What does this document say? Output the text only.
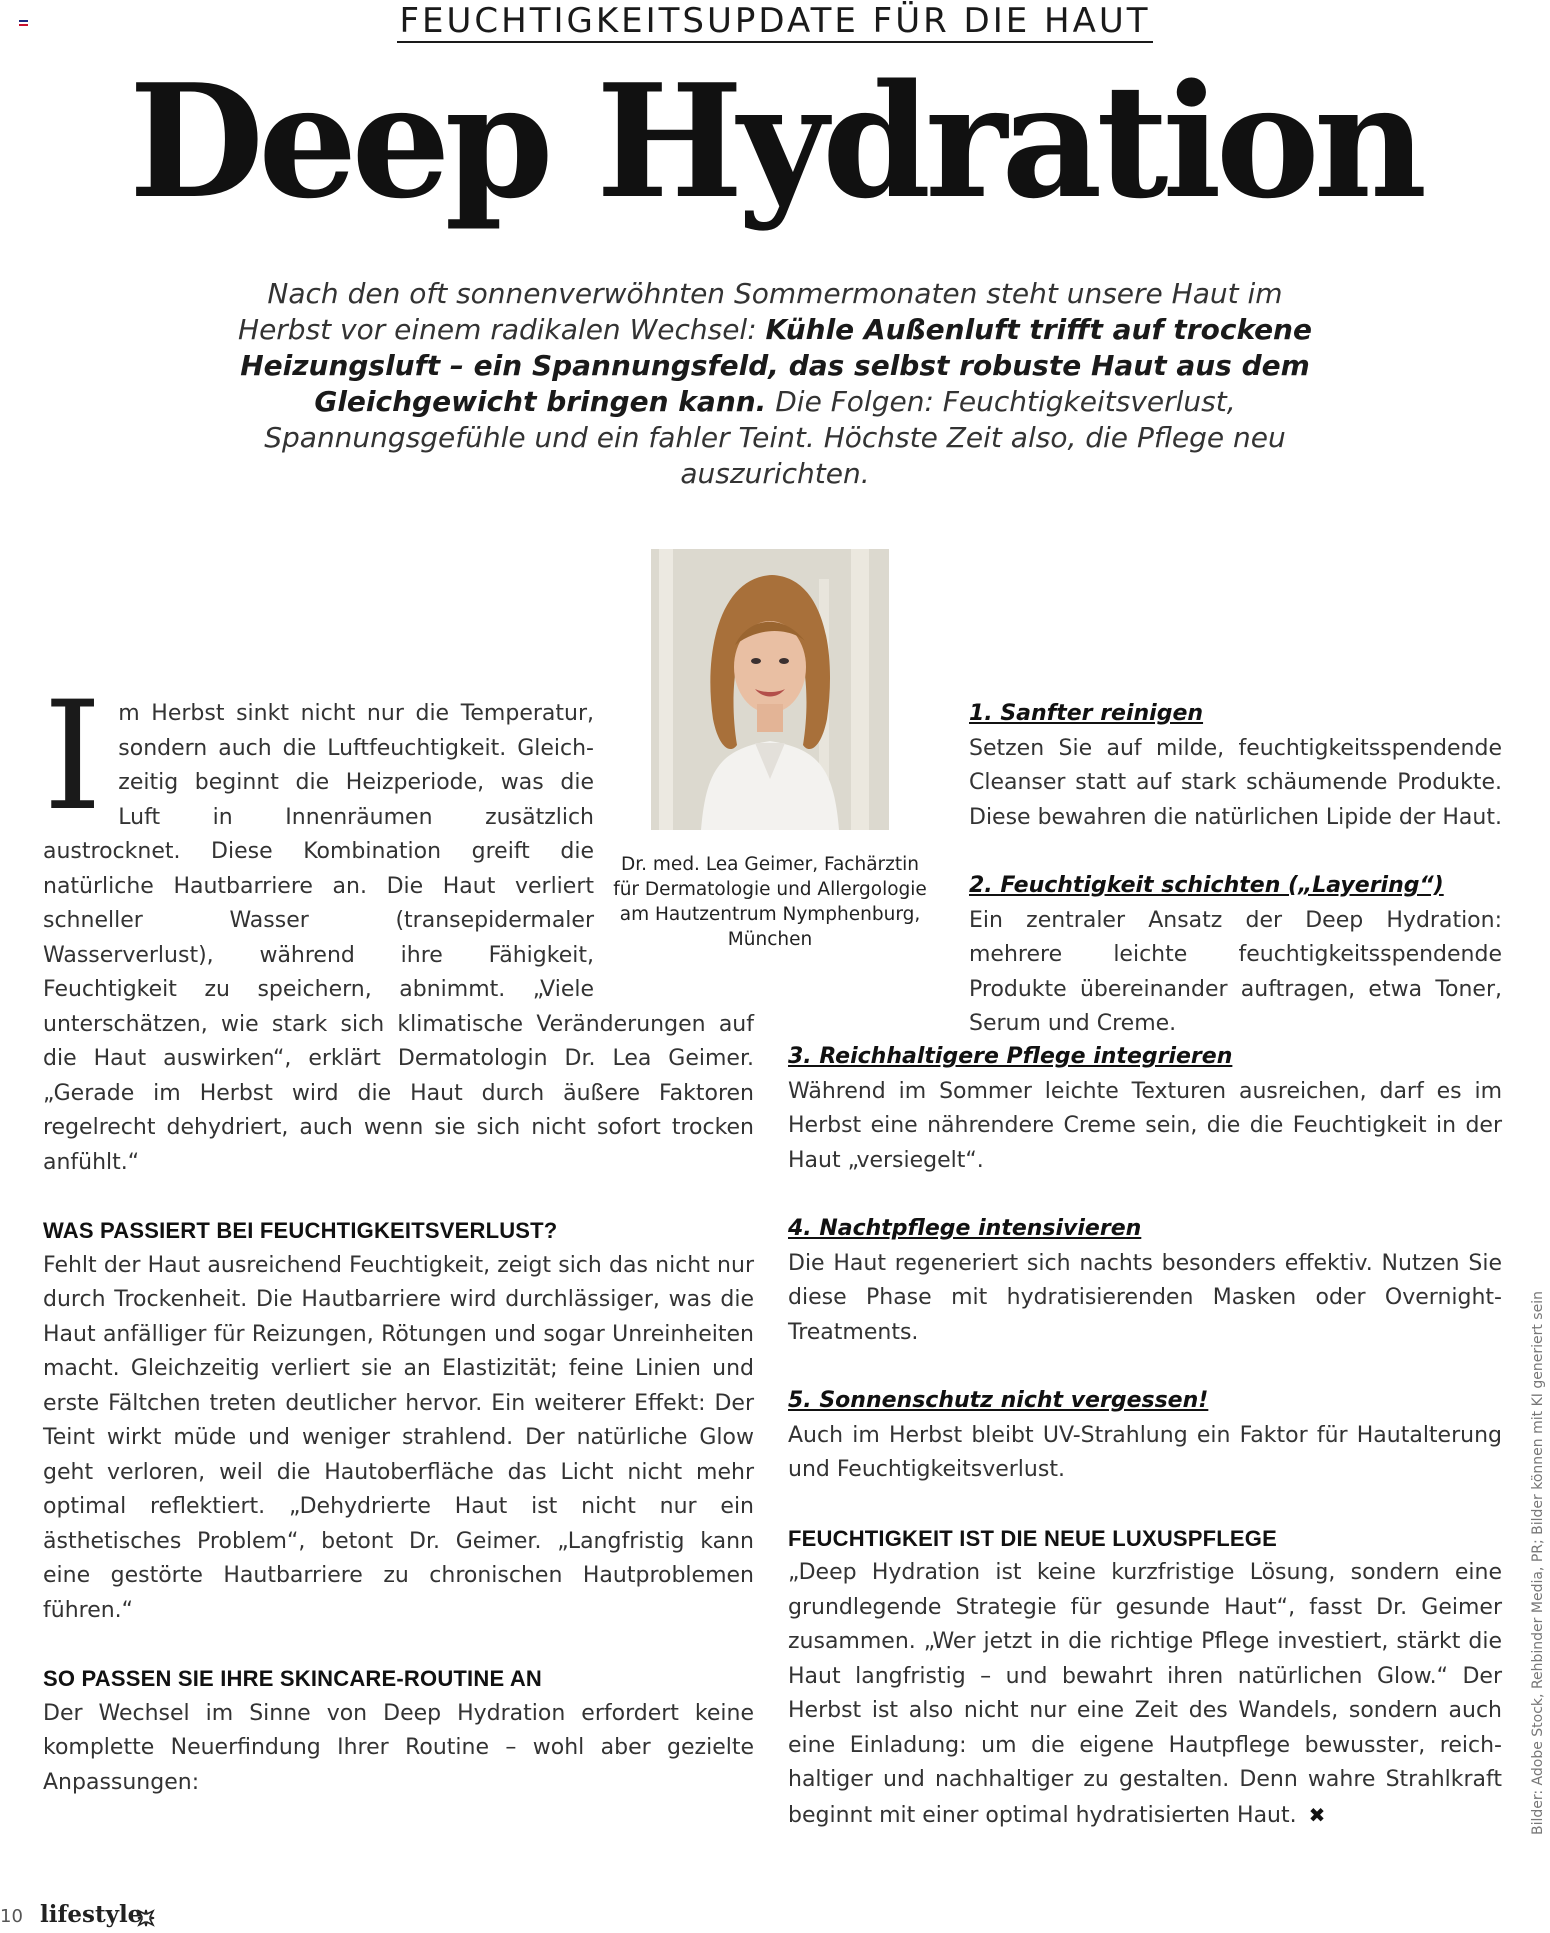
FEUCHTIGKEITSUPDATE FÜR DIE HAUT
Deep Hydration

Nach den oft sonnenverwöhnten Sommermonaten steht unsere Haut im Herbst vor einem radikalen Wechsel: Kühle Außenluft trifft auf trockene Heizungsluft – ein Spannungsfeld, das selbst robuste Haut aus dem Gleichgewicht bringen kann. Die Folgen: Feuchtigkeitsverlust, Spannungsgefühle und ein fahler Teint. Höchste Zeit also, die Pflege neu auszurichten.

Dr. med. Lea Geimer, Fachärztin für Dermatologie und Allergologie am Hautzentrum Nymphenburg, München

Im Herbst sinkt nicht nur die Temperatur, sondern auch die Luftfeuchtigkeit. Gleichzeitig beginnt die Heizperiode, was die Luft in Innenräumen zusätzlich austrocknet. Diese Kombination greift die natürliche Hautbarriere an. Die Haut verliert schneller Wasser (transepidermaler Wasserverlust), während ihre Fähigkeit, Feuchtigkeit zu speichern, abnimmt. „Viele unterschätzen, wie stark sich klimatische Veränderungen auf die Haut auswirken“, erklärt Dermatologin Dr. Lea Geimer. „Gerade im Herbst wird die Haut durch äußere Faktoren regelrecht dehydriert, auch wenn sie sich nicht sofort trocken anfühlt.“

WAS PASSIERT BEI FEUCHTIGKEITSVERLUST?

Fehlt der Haut ausreichend Feuchtigkeit, zeigt sich das nicht nur durch Trockenheit. Die Hautbarriere wird durchlässiger, was die Haut anfälliger für Reizungen, Rötungen und sogar Unreinheiten macht. Gleichzeitig verliert sie an Elastizität; feine Linien und erste Fältchen treten deutlicher hervor. Ein weiterer Effekt: Der Teint wirkt müde und weniger strahlend. Der natürliche Glow geht verloren, weil die Hautoberfläche das Licht nicht mehr optimal reflektiert. „Dehydrierte Haut ist nicht nur ein ästhetisches Problem“, betont Dr. Geimer. „Langfristig kann eine gestörte Hautbarriere zu chronischen Hautproblemen führen.“

SO PASSEN SIE IHRE SKINCARE-ROUTINE AN

Der Wechsel im Sinne von Deep Hydration erfordert keine komplette Neuerfindung Ihrer Routine – wohl aber gezielte Anpassungen:

1. Sanfter reinigen
Setzen Sie auf milde, feuchtigkeitsspendende Cleanser statt auf stark schäumende Produkte. Diese bewahren die natürlichen Lipide der Haut.
2. Feuchtigkeit schichten („Layering“)
Ein zentraler Ansatz der Deep Hydration: mehrere leichte feuchtigkeitsspendende Produkte übereinander auftragen, etwa Toner, Serum und Creme.
3. Reichhaltigere Pflege integrieren
Während im Sommer leichte Texturen ausreichen, darf es im Herbst eine nährendere Creme sein, die die Feuchtigkeit in der Haut „versiegelt“.
4. Nachtpflege intensivieren
Die Haut regeneriert sich nachts besonders effektiv. Nutzen Sie diese Phase mit hydratisierenden Masken oder Overnight-Treatments.
5. Sonnenschutz nicht vergessen!
Auch im Herbst bleibt UV-Strahlung ein Faktor für Hautalterung und Feuchtigkeitsverlust.
FEUCHTIGKEIT IST DIE NEUE LUXUSPFLEGE

„Deep Hydration ist keine kurzfristige Lösung, sondern eine grundlegende Strategie für gesunde Haut“, fasst Dr. Geimer zusammen. „Wer jetzt in die richtige Pflege investiert, stärkt die Haut langfristig – und bewahrt ihren natürlichen Glow.“ Der Herbst ist also nicht nur eine Zeit des Wandels, sondern auch eine Einladung: um die eigene Hautpflege bewusster, reichhaltiger und nachhaltiger zu gestalten. Denn wahre Strahlkraft beginnt mit einer optimal hydratisierten Haut. ✖	Bilder: Adobe Stock, Rehbinder Media, PR; Bilder können mit KI generiert sein
10 lifestyle
